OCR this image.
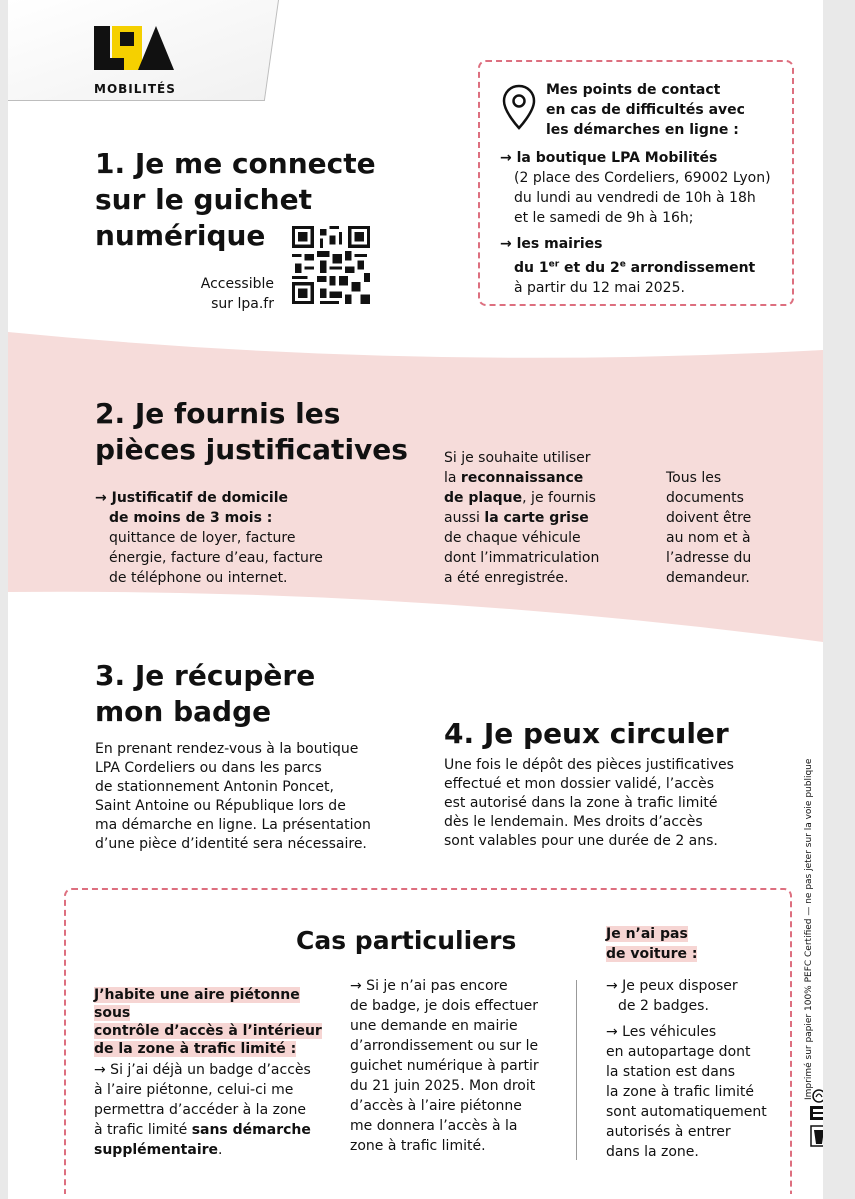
MOBILITÉS
1. Je me connecte
sur le guichet
numérique
Accessible
sur lpa.fr
Mes points de contact
en cas de difficultés avec
les démarches en ligne :
→ la boutique LPA Mobilités
(2 place des Cordeliers, 69002 Lyon)
du lundi au vendredi de 10h à 18h
et le samedi de 9h à 16h;
→ les mairies
du 1er et du 2e arrondissement
à partir du 12 mai 2025.
2. Je fournis les
pièces justificatives
→ Justificatif de domicile
de moins de 3 mois :
quittance de loyer, facture
énergie, facture d’eau, facture
de téléphone ou internet.
Si je souhaite utiliser
la reconnaissance
de plaque, je fournis
aussi la carte grise
de chaque véhicule
dont l’immatriculation
a été enregistrée.
Tous les
documents
doivent être
au nom et à
l’adresse du
demandeur.
3. Je récupère
mon badge
En prenant rendez-vous à la boutique
LPA Cordeliers ou dans les parcs
de stationnement Antonin Poncet,
Saint Antoine ou République lors de
ma démarche en ligne. La présentation
d’une pièce d’identité sera nécessaire.
4. Je peux circuler
Une fois le dépôt des pièces justificatives
effectué et mon dossier validé, l’accès
est autorisé dans la zone à trafic limité
dès le lendemain. Mes droits d’accès
sont valables pour une durée de 2 ans.	Imprimé sur papier 100% PEFC Certified — ne pas jeter sur la voie publique
Cas particuliers
J’habite une aire piétonne sous
contrôle d’accès à l’intérieur
de la zone à trafic limité :
→ Si j’ai déjà un badge d’accès
à l’aire piétonne, celui-ci me
permettra d’accéder à la zone
à trafic limité sans démarche
supplémentaire.
→ Si je n’ai pas encore
de badge, je dois effectuer
une demande en mairie
d’arrondissement ou sur le
guichet numérique à partir
du 21 juin 2025. Mon droit
d’accès à l’aire piétonne
me donnera l’accès à la
zone à trafic limité.
Je n’ai pas
de voiture :
→ Je peux disposer
de 2 badges.
→ Les véhicules
en autopartage dont
la station est dans
la zone à trafic limité
sont automatiquement
autorisés à entrer
dans la zone.
